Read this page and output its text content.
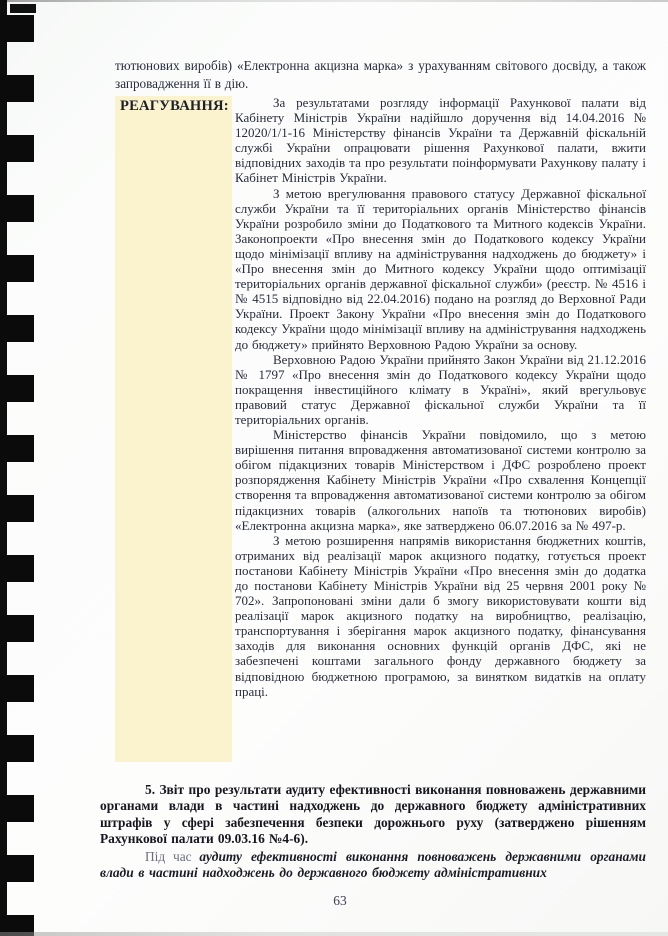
тютюнових виробів) «Електронна акцизна марка» з урахуванням світового досвіду, а також запровадження її в дію.

РЕАГУВАННЯ:	За результатами розгляду інформації Рахункової палати від Кабінету Міністрів України надійшло доручення від 14.04.2016 № 12020/1/1-16 Міністерству фінансів України та Державній фіскальній службі України опрацювати рішення Рахункової палати, вжити відповідних заходів та про результати поінформувати Рахункову палату і Кабінет Міністрів України.

З метою врегулювання правового статусу Державної фіскальної служби України та її територіальних органів Міністерство фінансів України розробило зміни до Податкового та Митного кодексів України. Законопроекти «Про внесення змін до Податкового кодексу України щодо мінімізації впливу на адміністрування надходжень до бюджету» і «Про внесення змін до Митного кодексу України щодо оптимізації територіальних органів державної фіскальної служби» (реєстр. № 4516 і № 4515 відповідно від 22.04.2016) подано на розгляд до Верховної Ради України. Проект Закону України «Про внесення змін до Податкового кодексу України щодо мінімізації впливу на адміністрування надходжень до бюджету» прийнято Верховною Радою України за основу.

Верховною Радою України прийнято Закон України від 21.12.2016 № 1797 «Про внесення змін до Податкового кодексу України щодо покращення інвестиційного клімату в Україні», який врегульовує правовий статус Державної фіскальної служби України та її територіальних органів.

Міністерство фінансів України повідомило, що з метою вирішення питання впровадження автоматизованої системи контролю за обігом підакцизних товарів Міністерством і ДФС розроблено проект розпорядження Кабінету Міністрів України «Про схвалення Концепції створення та впровадження автоматизованої системи контролю за обігом підакцизних товарів (алкогольних напоїв та тютюнових виробів) «Електронна акцизна марка», яке затверджено 06.07.2016 за № 497-р.

З метою розширення напрямів використання бюджетних коштів, отриманих від реалізації марок акцизного податку, готується проект постанови Кабінету Міністрів України «Про внесення змін до додатка до постанови Кабінету Міністрів України від 25 червня 2001 року № 702». Запропоновані зміни дали б змогу використовувати кошти від реалізації марок акцизного податку на виробництво, реалізацію, транспортування і зберігання марок акцизного податку, фінансування заходів для виконання основних функцій органів ДФС, які не забезпечені коштами загального фонду державного бюджету за відповідною бюджетною програмою, за винятком видатків на оплату праці.

5. Звіт про результати аудиту ефективності виконання повноважень державними органами влади в частині надходжень до державного бюджету адміністративних штрафів у сфері забезпечення безпеки дорожнього руху (затверджено рішенням Рахункової палати 09.03.16 №4-6).

Під час аудиту ефективності виконання повноважень державними органами влади в частині надходжень до державного бюджету адміністративних

63
